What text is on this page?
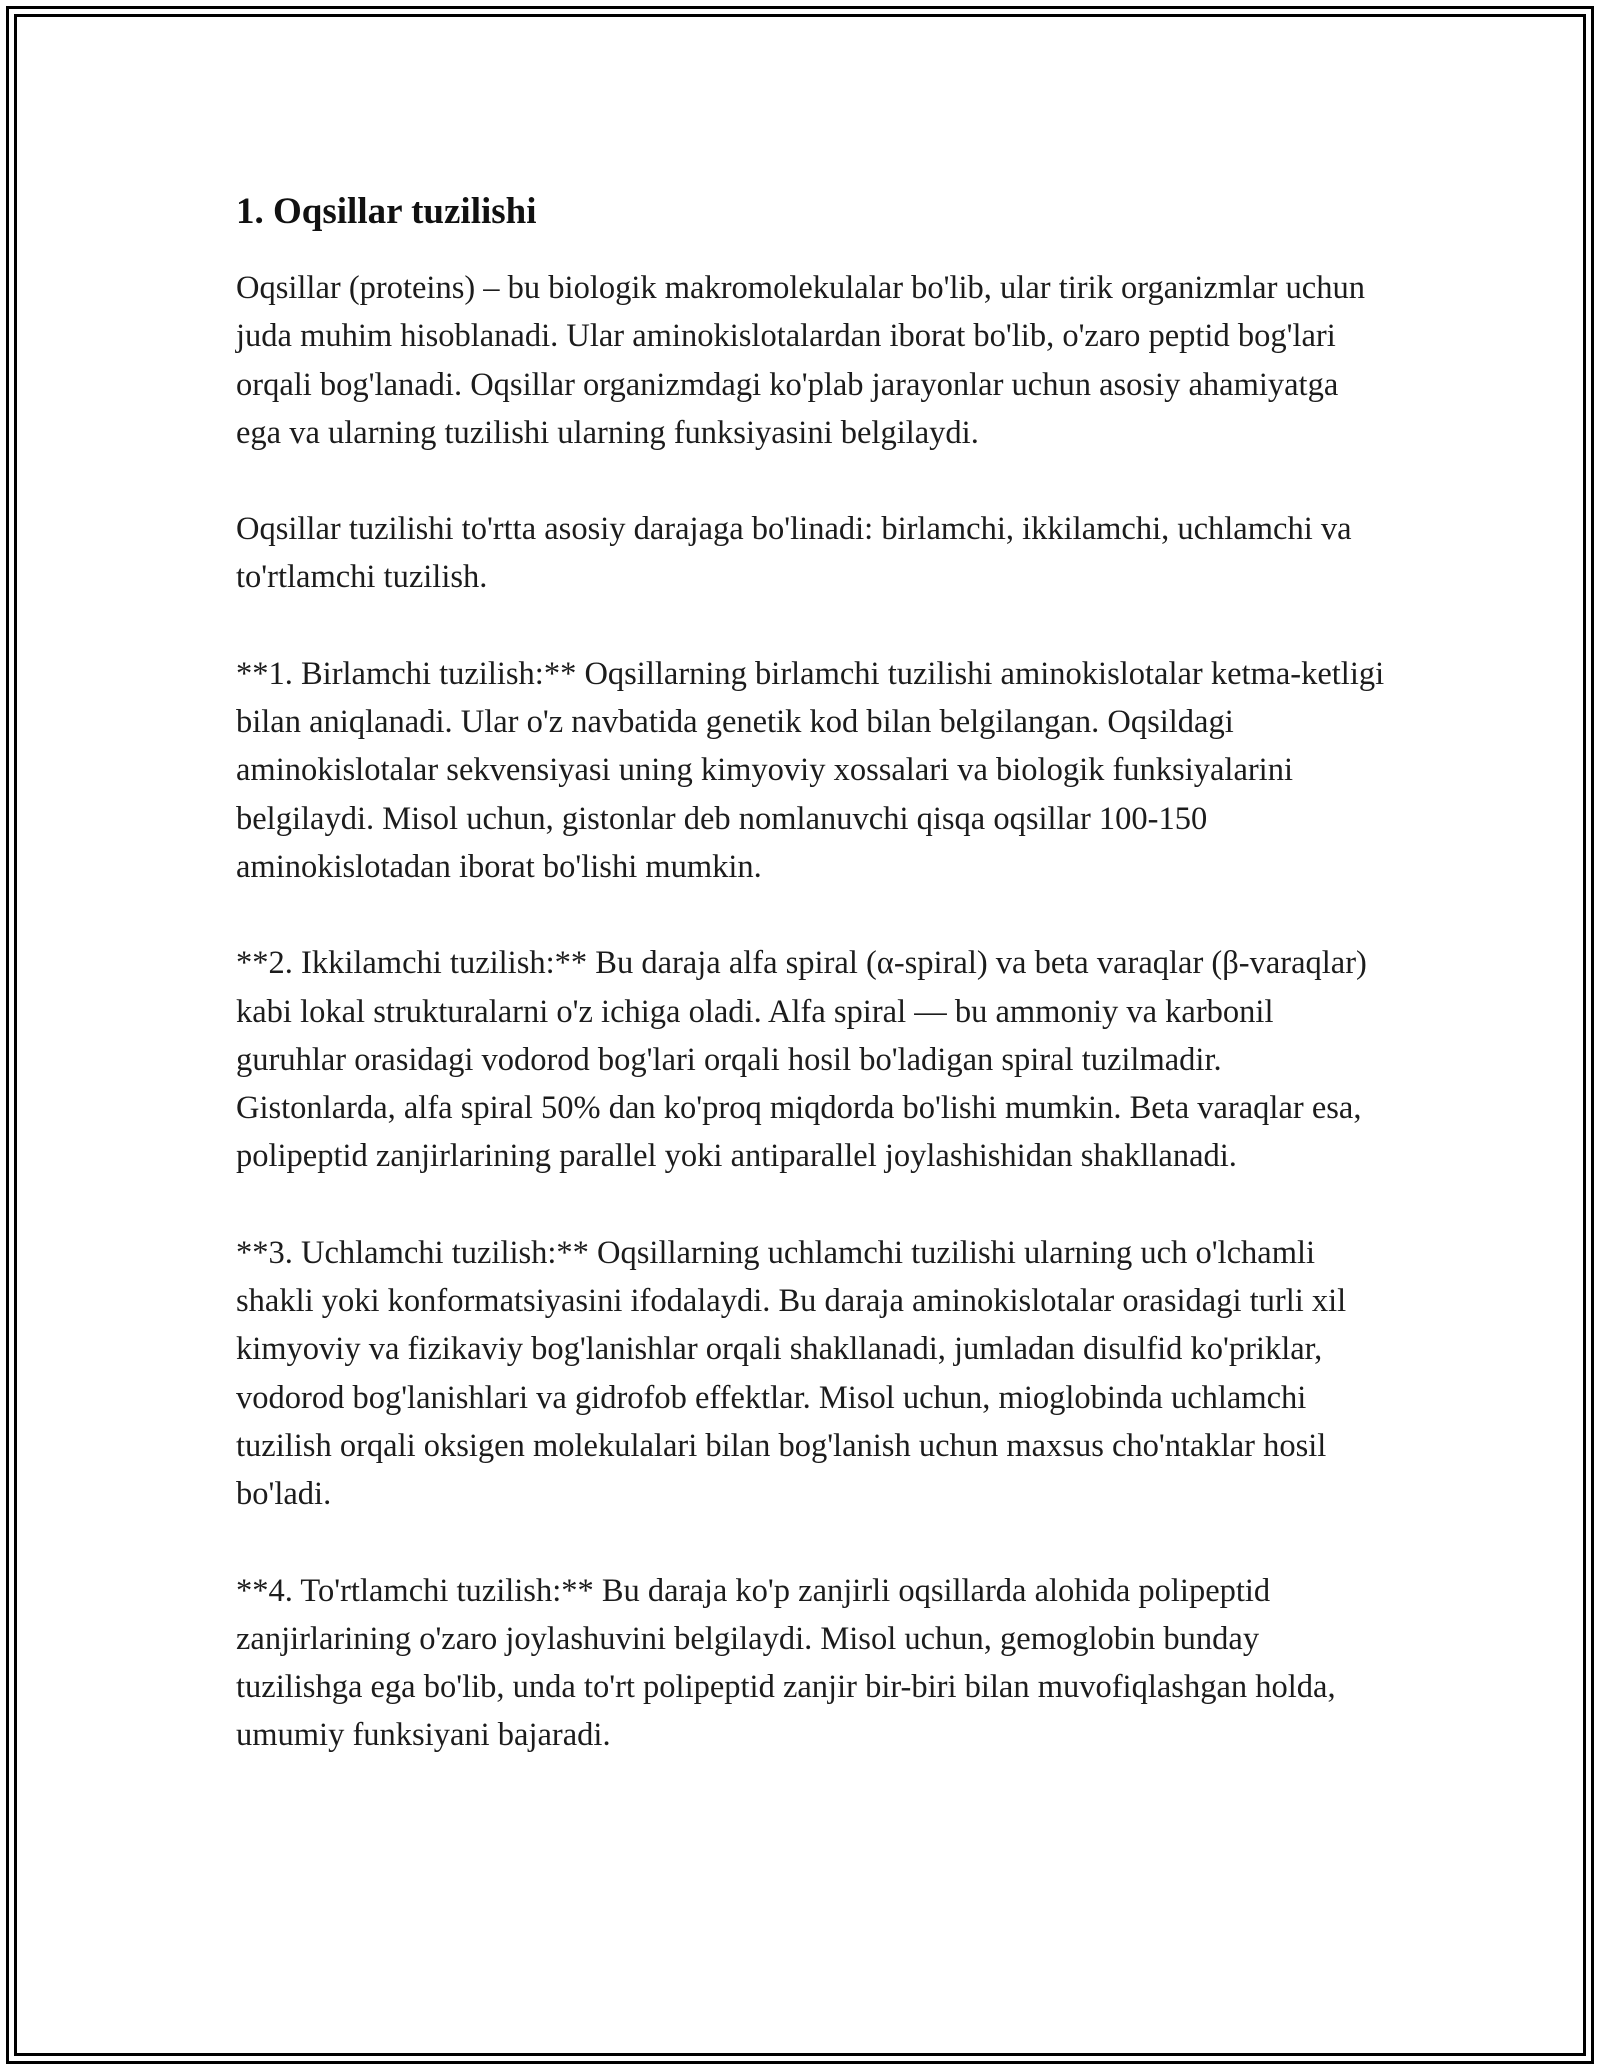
1. Oqsillar tuzilishi

Oqsillar (proteins) – bu biologik makromolekulalar bo'lib, ular tirik organizmlar uchun juda muhim hisoblanadi. Ular aminokislotalardan iborat bo'lib, o'zaro peptid bog'lari orqali bog'lanadi. Oqsillar organizmdagi ko'plab jarayonlar uchun asosiy ahamiyatga ega va ularning tuzilishi ularning funksiyasini belgilaydi.

Oqsillar tuzilishi to'rtta asosiy darajaga bo'linadi: birlamchi, ikkilamchi, uchlamchi va to'rtlamchi tuzilish.

**1. Birlamchi tuzilish:** Oqsillarning birlamchi tuzilishi aminokislotalar ketma-ketligi bilan aniqlanadi. Ular o'z navbatida genetik kod bilan belgilangan. Oqsildagi aminokislotalar sekvensiyasi uning kimyoviy xossalari va biologik funksiyalarini belgilaydi. Misol uchun, gistonlar deb nomlanuvchi qisqa oqsillar 100-150 aminokislotadan iborat bo'lishi mumkin.

**2. Ikkilamchi tuzilish:** Bu daraja alfa spiral (α-spiral) va beta varaqlar (β-varaqlar) kabi lokal strukturalarni o'z ichiga oladi. Alfa spiral — bu ammoniy va karbonil guruhlar orasidagi vodorod bog'lari orqali hosil bo'ladigan spiral tuzilmadir. Gistonlarda, alfa spiral 50% dan ko'proq miqdorda bo'lishi mumkin. Beta varaqlar esa, polipeptid zanjirlarining parallel yoki antiparallel joylashishidan shakllanadi.

**3. Uchlamchi tuzilish:** Oqsillarning uchlamchi tuzilishi ularning uch o'lchamli shakli yoki konformatsiyasini ifodalaydi. Bu daraja aminokislotalar orasidagi turli xil kimyoviy va fizikaviy bog'lanishlar orqali shakllanadi, jumladan disulfid ko'priklar, vodorod bog'lanishlari va gidrofob effektlar. Misol uchun, mioglobinda uchlamchi tuzilish orqali oksigen molekulalari bilan bog'lanish uchun maxsus cho'ntaklar hosil bo'ladi.

**4. To'rtlamchi tuzilish:** Bu daraja ko'p zanjirli oqsillarda alohida polipeptid zanjirlarining o'zaro joylashuvini belgilaydi. Misol uchun, gemoglobin bunday tuzilishga ega bo'lib, unda to'rt polipeptid zanjir bir-biri bilan muvofiqlashgan holda, umumiy funksiyani bajaradi.
